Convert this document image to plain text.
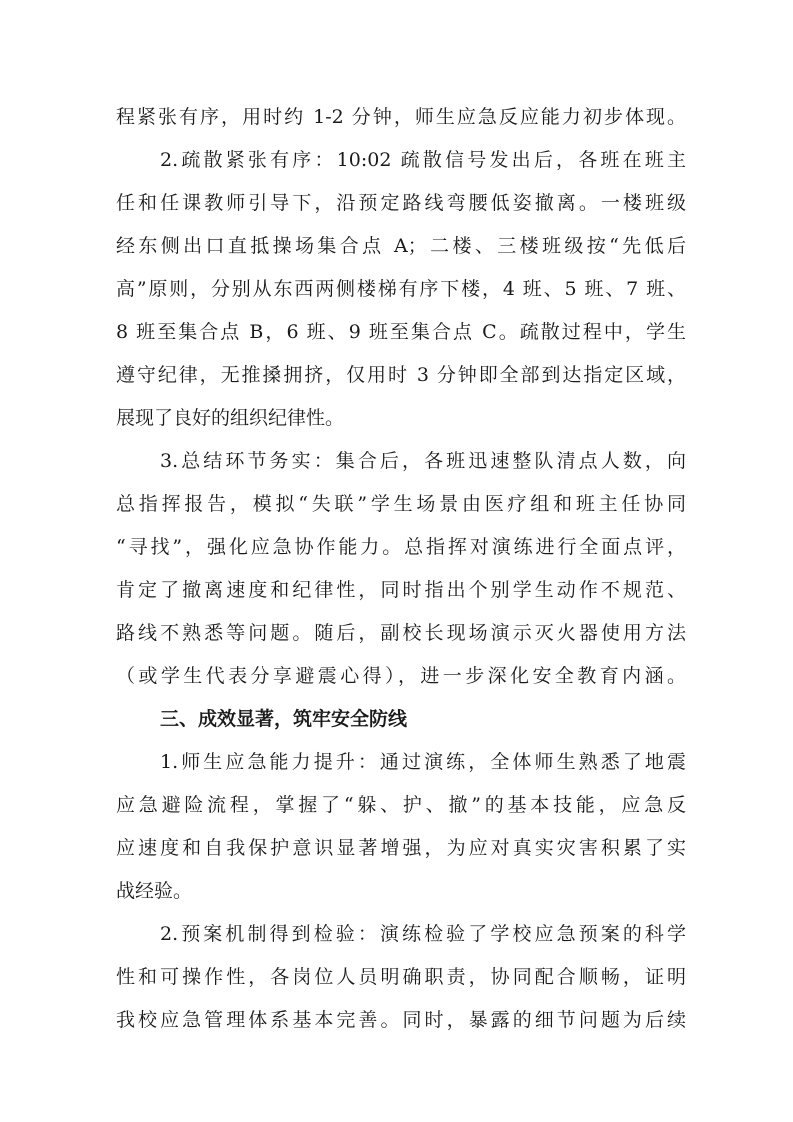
程紧张有序，用时约 1-2 分钟，师生应急反应能力初步体现。
2.疏散紧张有序：10:02 疏散信号发出后，各班在班主
任和任课教师引导下，沿预定路线弯腰低姿撤离。一楼班级
经东侧出口直抵操场集合点 A；二楼、三楼班级按“先低后
高”原则，分别从东西两侧楼梯有序下楼，4 班、5 班、7 班、
8 班至集合点 B，6 班、9 班至集合点 C。疏散过程中，学生
遵守纪律，无推搡拥挤，仅用时 3 分钟即全部到达指定区域，
展现了良好的组织纪律性。
3.总结环节务实：集合后，各班迅速整队清点人数，向
总指挥报告，模拟“失联”学生场景由医疗组和班主任协同
“寻找”，强化应急协作能力。总指挥对演练进行全面点评，
肯定了撤离速度和纪律性，同时指出个别学生动作不规范、
路线不熟悉等问题。随后，副校长现场演示灭火器使用方法
（或学生代表分享避震心得），进一步深化安全教育内涵。
三、成效显著，筑牢安全防线
1.师生应急能力提升：通过演练，全体师生熟悉了地震
应急避险流程，掌握了“躲、护、撤”的基本技能，应急反
应速度和自我保护意识显著增强，为应对真实灾害积累了实
战经验。
2.预案机制得到检验：演练检验了学校应急预案的科学
性和可操作性，各岗位人员明确职责，协同配合顺畅，证明
我校应急管理体系基本完善。同时，暴露的细节问题为后续
